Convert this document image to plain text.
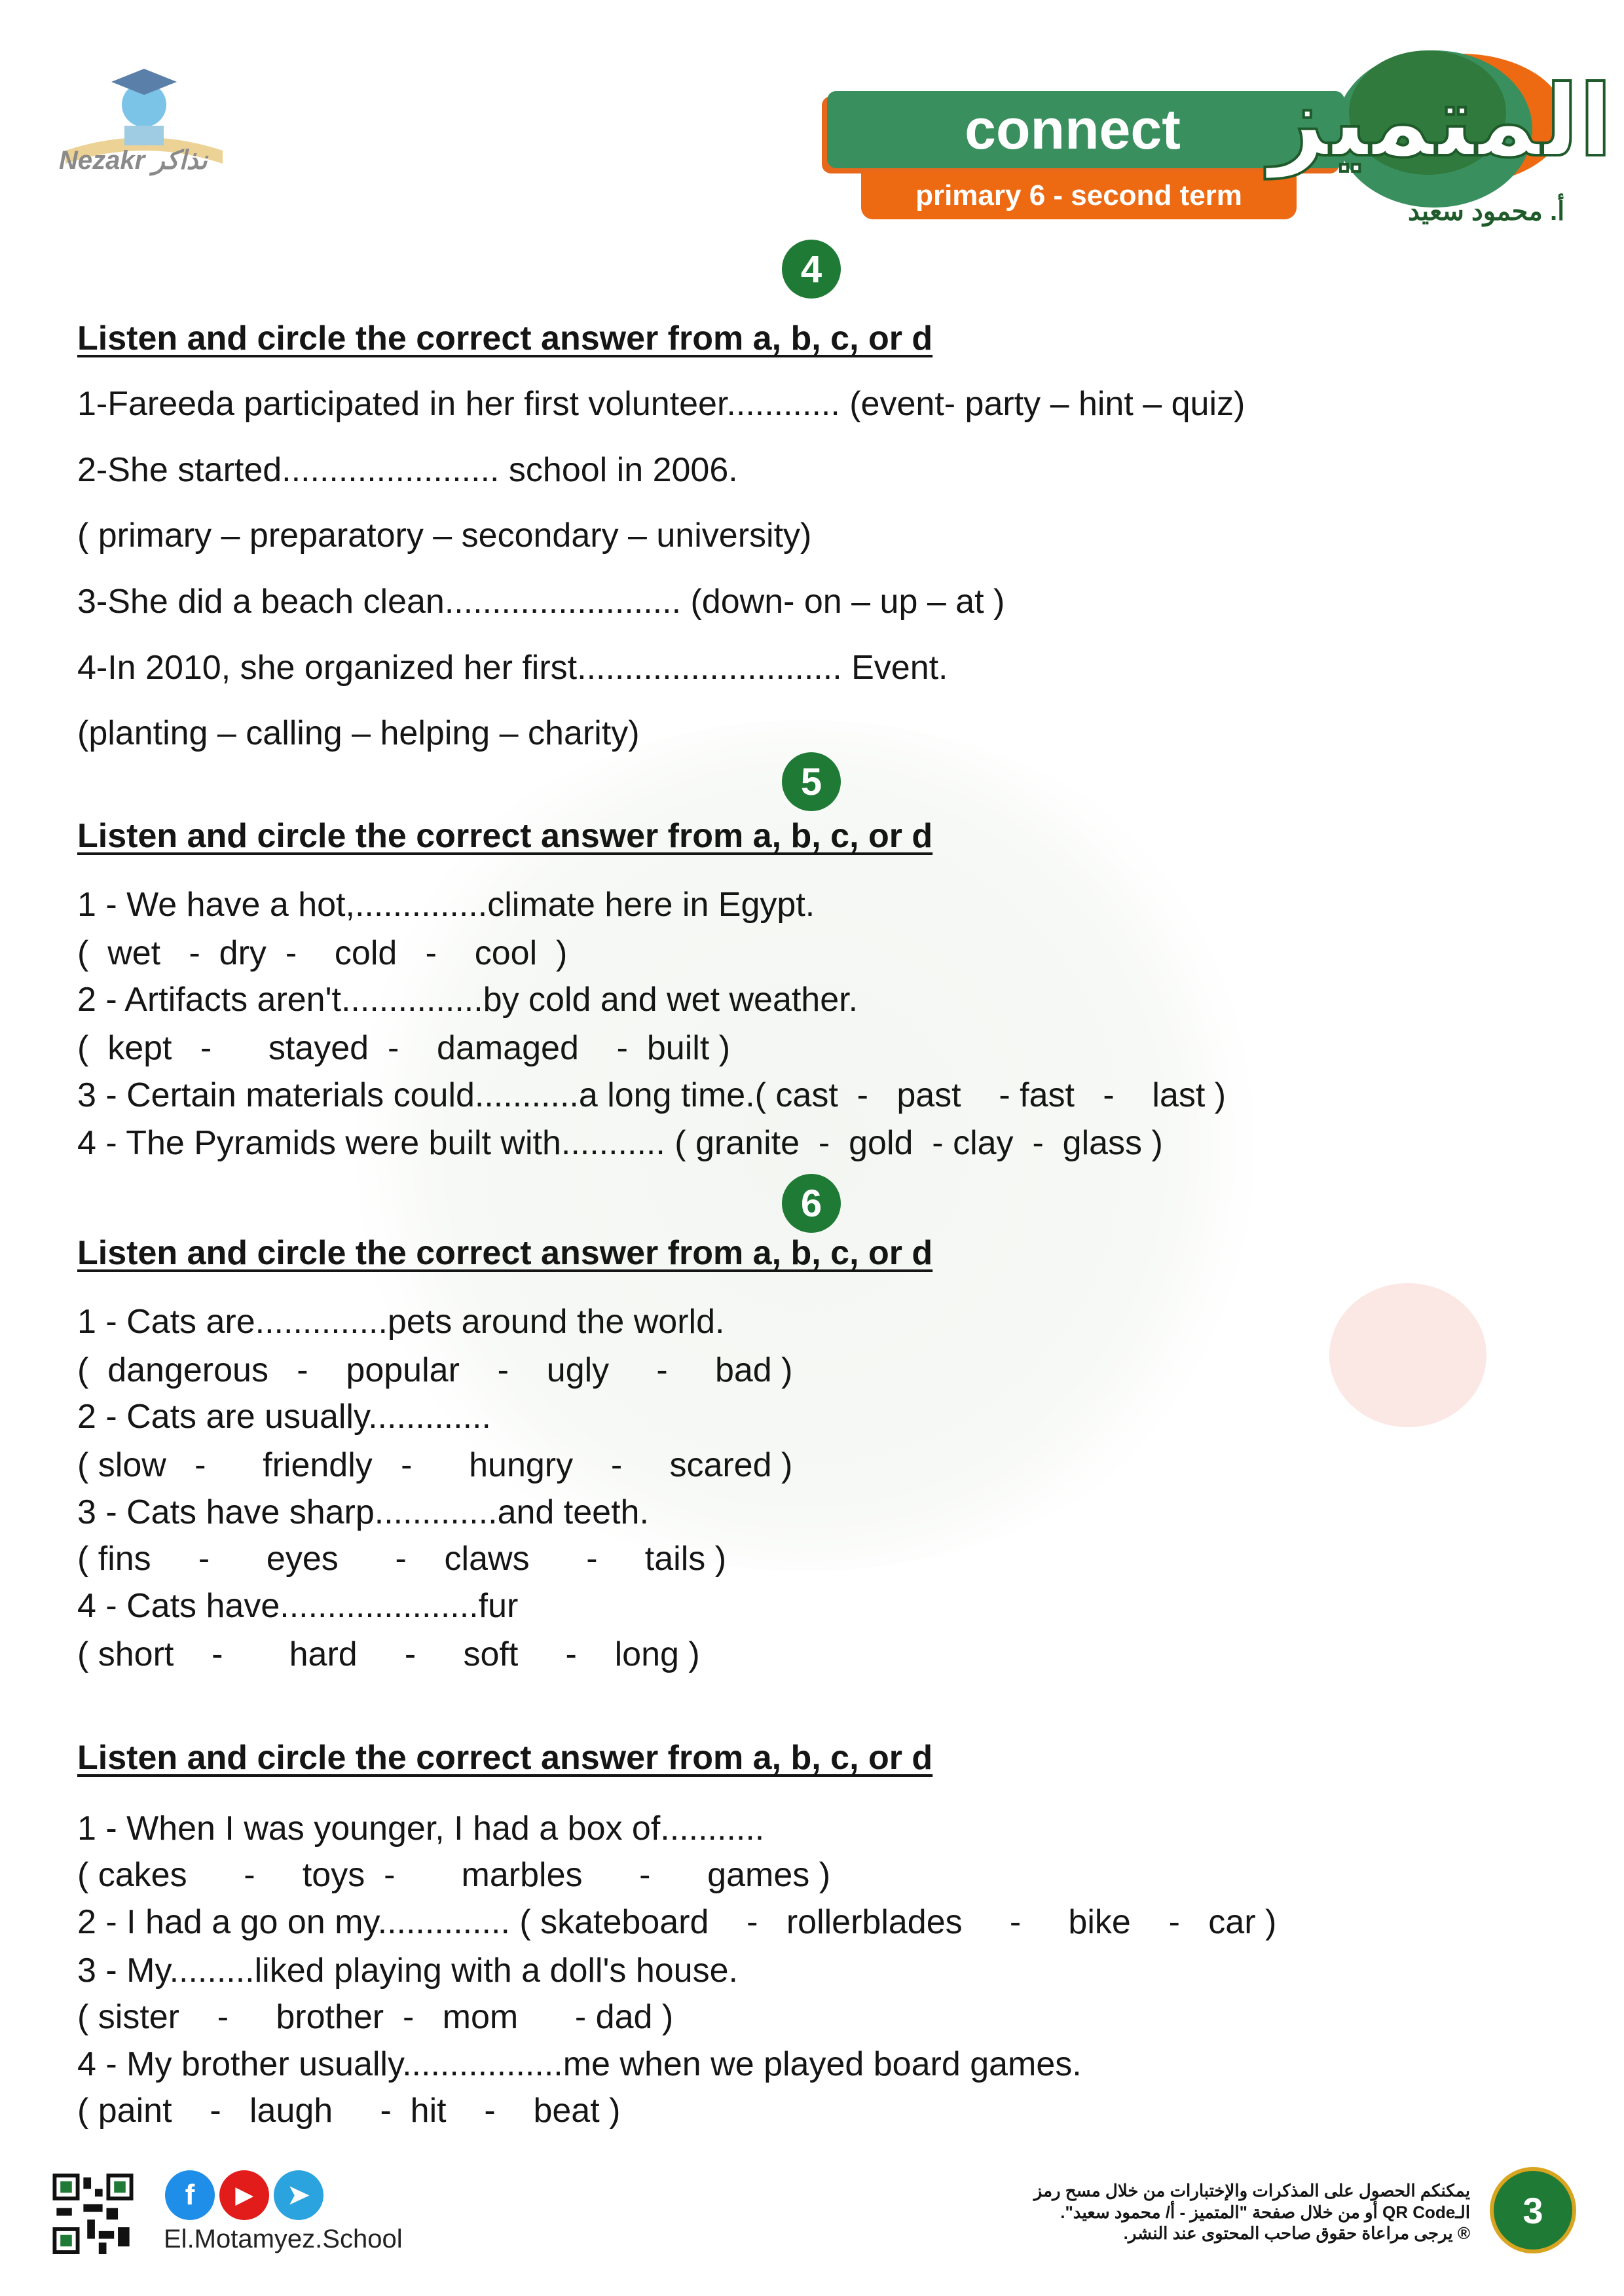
Nezakr نذاكر	connect
primary 6 - second term
المتميز
أ. محمود سعيد
4
Listen and circle the correct answer from a, b, c, or d
1-Fareeda participated in her first volunteer............ (event- party – hint – quiz)
2-She started....................... school in 2006.
( primary – preparatory – secondary – university)
3-She did a beach clean......................... (down- on – up – at )
4-In 2010, she organized her first............................ Event.
(planting – calling – helping – charity)
5
Listen and circle the correct answer from a, b, c, or d
1 - We have a hot,..............climate here in Egypt.
(  wet   -  dry  -    cold   -    cool  )
2 - Artifacts aren't...............by cold and wet weather.
(  kept   -      stayed  -    damaged    -  built )
3 - Certain materials could...........a long time.( cast  -   past    - fast   -    last )
4 - The Pyramids were built with........... ( granite  -  gold  - clay  -  glass )
6
Listen and circle the correct answer from a, b, c, or d
1 - Cats are..............pets around the world.
(  dangerous   -    popular    -    ugly     -     bad )
2 - Cats are usually.............
( slow   -      friendly   -      hungry    -     scared )
3 - Cats have sharp.............and teeth.
( fins     -      eyes      -    claws      -     tails )
4 - Cats have.....................fur
( short    -       hard     -     soft     -    long )
Listen and circle the correct answer from a, b, c, or d
1 - When I was younger, I had a box of...........
( cakes      -     toys  -       marbles      -      games )
2 - I had a go on my.............. ( skateboard    -   rollerblades     -     bike    -   car )
3 - My.........liked playing with a doll's house.
( sister    -     brother  -   mom      - dad )
4 - My brother usually.................me when we played board games.
( paint    -   laugh     -  hit    -    beat )
f	▶	➤
El.Motamyez.School
يمكنكم الحصول على المذكرات والإختبارات من خلال مسح رمز
الـQR Code أو من خلال صفحة "المتميز - أ/ محمود سعيد".
® يرجى مراعاة حقوق صاحب المحتوى عند النشر.
3
